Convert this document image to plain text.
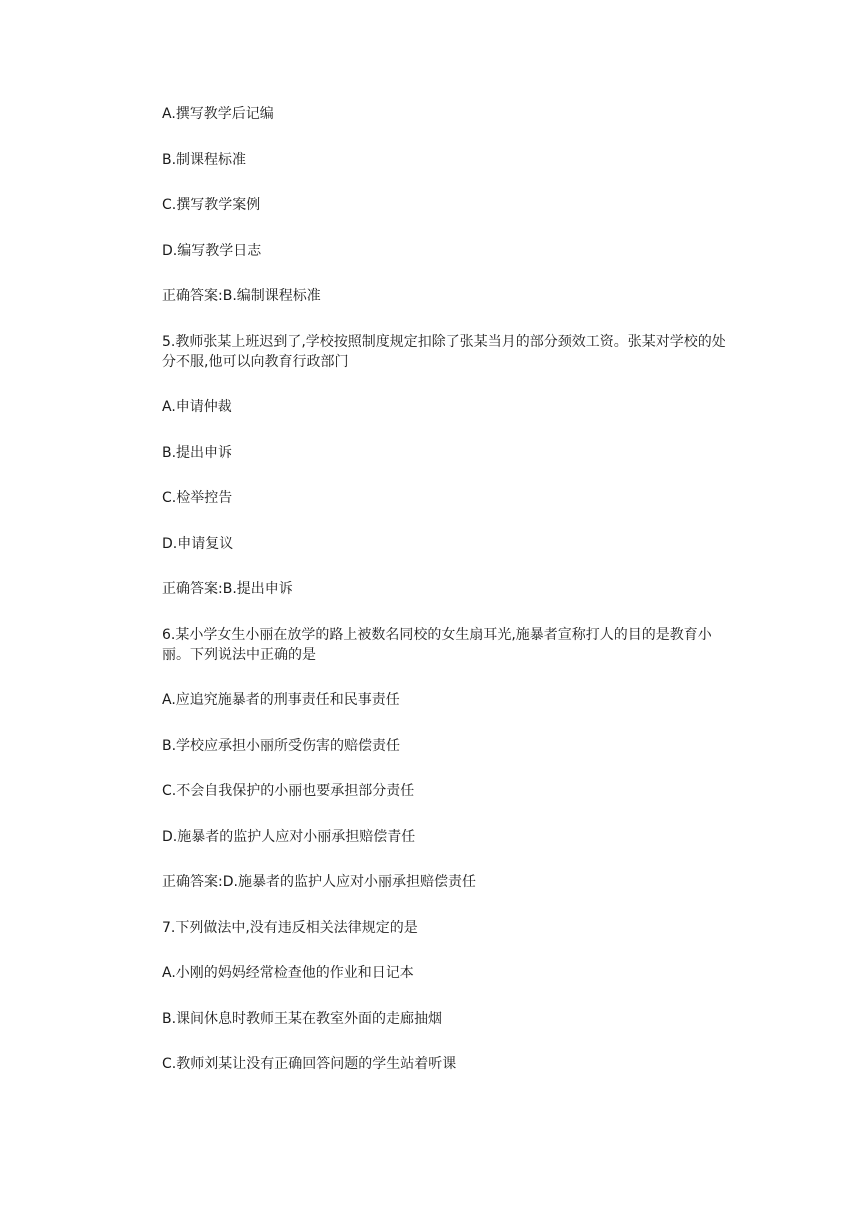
A.撰写教学后记编

B.制课程标准

C.撰写教学案例

D.编写教学日志

正确答案:B.编制课程标准

5.教师张某上班迟到了,学校按照制度规定扣除了张某当月的部分颈效工资。张某对学校的处分不服,他可以向教育行政部门

A.申请仲裁

B.提出申诉

C.检举控告

D.申请复议

正确答案:B.提出申诉

6.某小学女生小丽在放学的路上被数名同校的女生扇耳光,施暴者宣称打人的目的是教育小丽。下列说法中正确的是

A.应追究施暴者的刑事责任和民事责任

B.学校应承担小丽所受伤害的赔偿责任

C.不会自我保护的小丽也要承担部分责任

D.施暴者的监护人应对小丽承担赔偿青任

正确答案:D.施暴者的监护人应对小丽承担赔偿责任

7.下列做法中,没有违反相关法律规定的是

A.小刚的妈妈经常检查他的作业和日记本

B.课间休息时教师王某在教室外面的走廊抽烟

C.教师刘某让没有正确回答问题的学生站着听课
